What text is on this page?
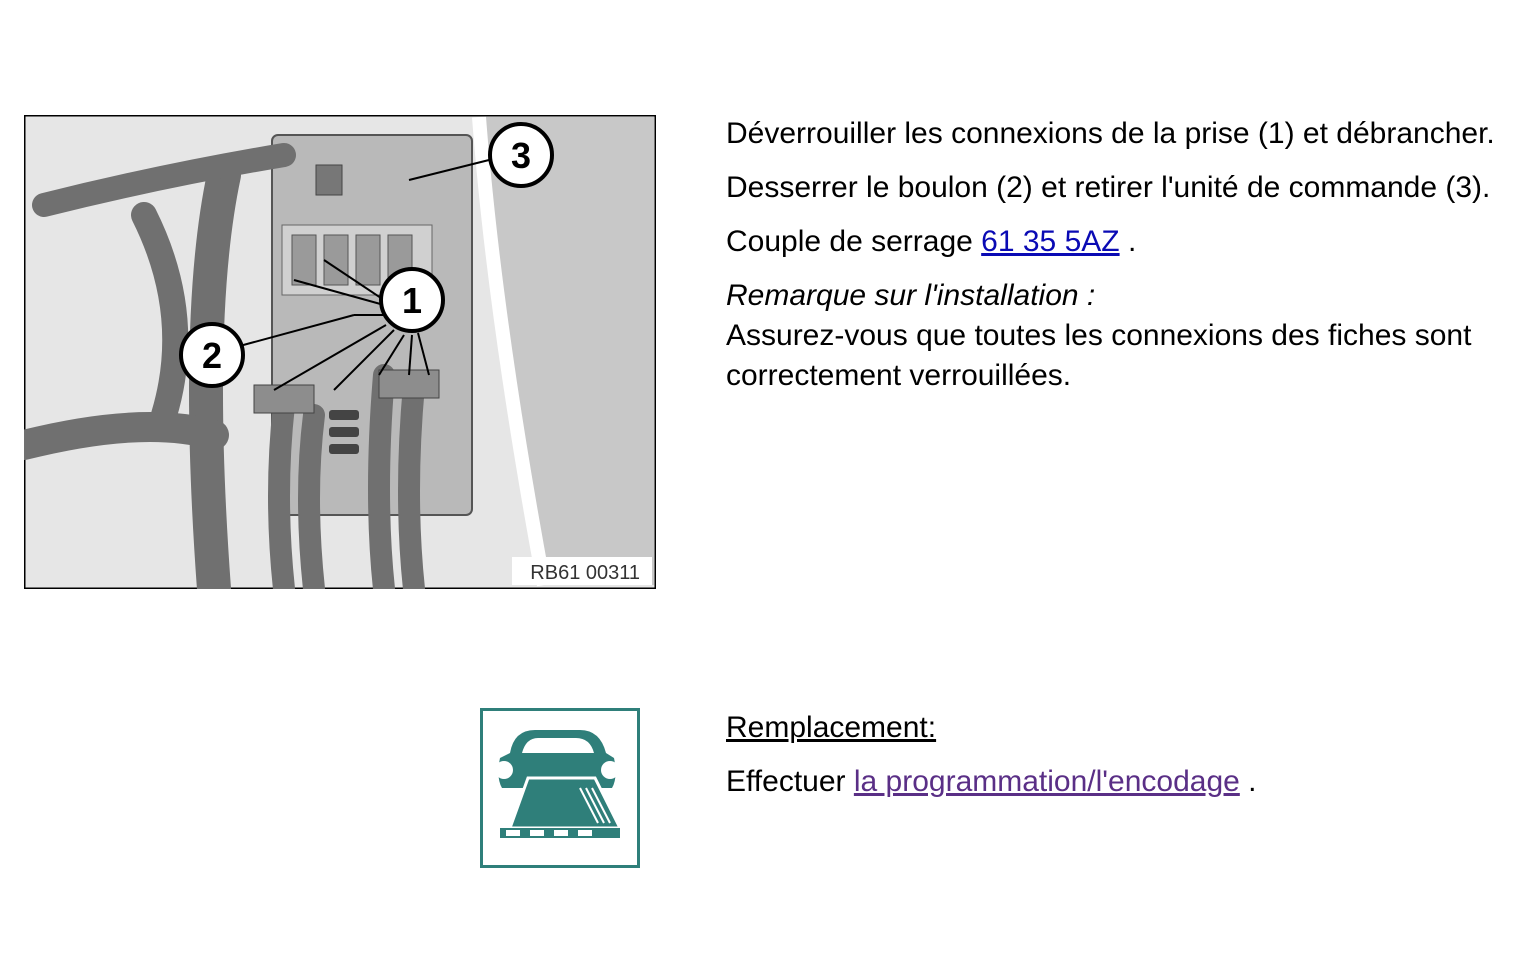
3
1
2
RB61 00311

Déverrouiller les connexions de la prise (1) et débrancher.

Desserrer le boulon (2) et retirer l'unité de commande (3).

Couple de serrage 61 35 5AZ .

Remarque sur l'installation :
Assurez-vous que toutes les connexions des fiches sont correctement verrouillées.

Remplacement:

Effectuer la programmation/l'encodage .
